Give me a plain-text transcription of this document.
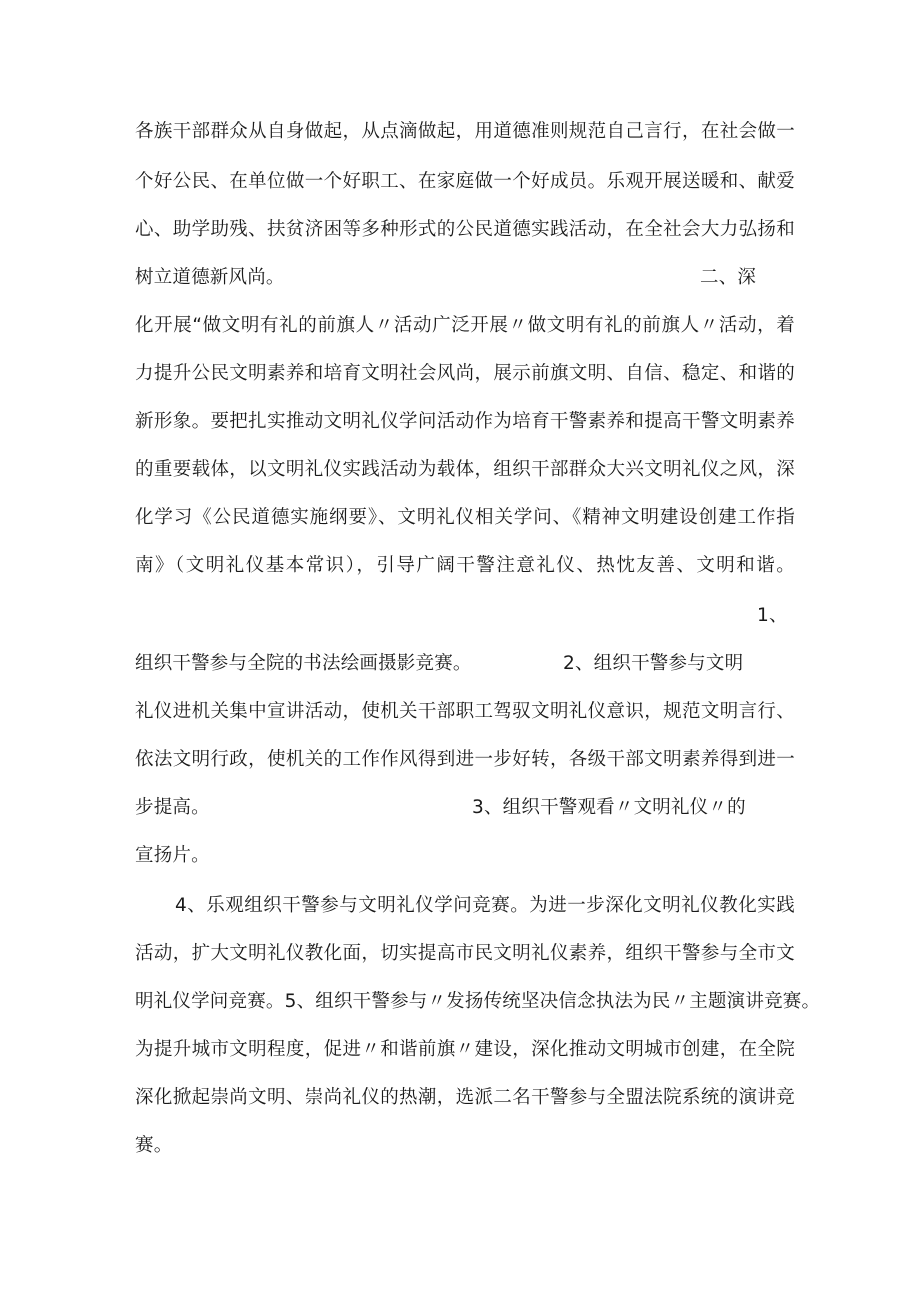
各族干部群众从自身做起，从点滴做起，用道德准则规范自己言行，在社会做一
个好公民、在单位做一个好职工、在家庭做一个好成员。乐观开展送暖和、献爱
心、助学助残、扶贫济困等多种形式的公民道德实践活动，在全社会大力弘扬和
树立道德新风尚。	二、深
化开展“做文明有礼的前旗人〃活动广泛开展〃做文明有礼的前旗人〃活动，着
力提升公民文明素养和培育文明社会风尚，展示前旗文明、自信、稳定、和谐的
新形象。要把扎实推动文明礼仪学问活动作为培育干警素养和提高干警文明素养
的重要载体，以文明礼仪实践活动为载体，组织干部群众大兴文明礼仪之风，深
化学习《公民道德实施纲要》、文明礼仪相关学问、《精神文明建设创建工作指
南》（文明礼仪基本常识），引导广阔干警注意礼仪、热忱友善、文明和谐。
1、
组织干警参与全院的书法绘画摄影竞赛。	2、组织干警参与文明
礼仪进机关集中宣讲活动，使机关干部职工驾驭文明礼仪意识，规范文明言行、
依法文明行政，使机关的工作作风得到进一步好转，各级干部文明素养得到进一
步提高。	3、组织干警观看〃文明礼仪〃的
宣扬片。
4、乐观组织干警参与文明礼仪学问竞赛。为进一步深化文明礼仪教化实践
活动，扩大文明礼仪教化面，切实提高市民文明礼仪素养，组织干警参与全市文
明礼仪学问竞赛。5、组织干警参与〃发扬传统坚决信念执法为民〃主题演讲竞赛。
为提升城市文明程度，促进〃和谐前旗〃建设，深化推动文明城市创建，在全院
深化掀起崇尚文明、崇尚礼仪的热潮，选派二名干警参与全盟法院系统的演讲竞
赛。
